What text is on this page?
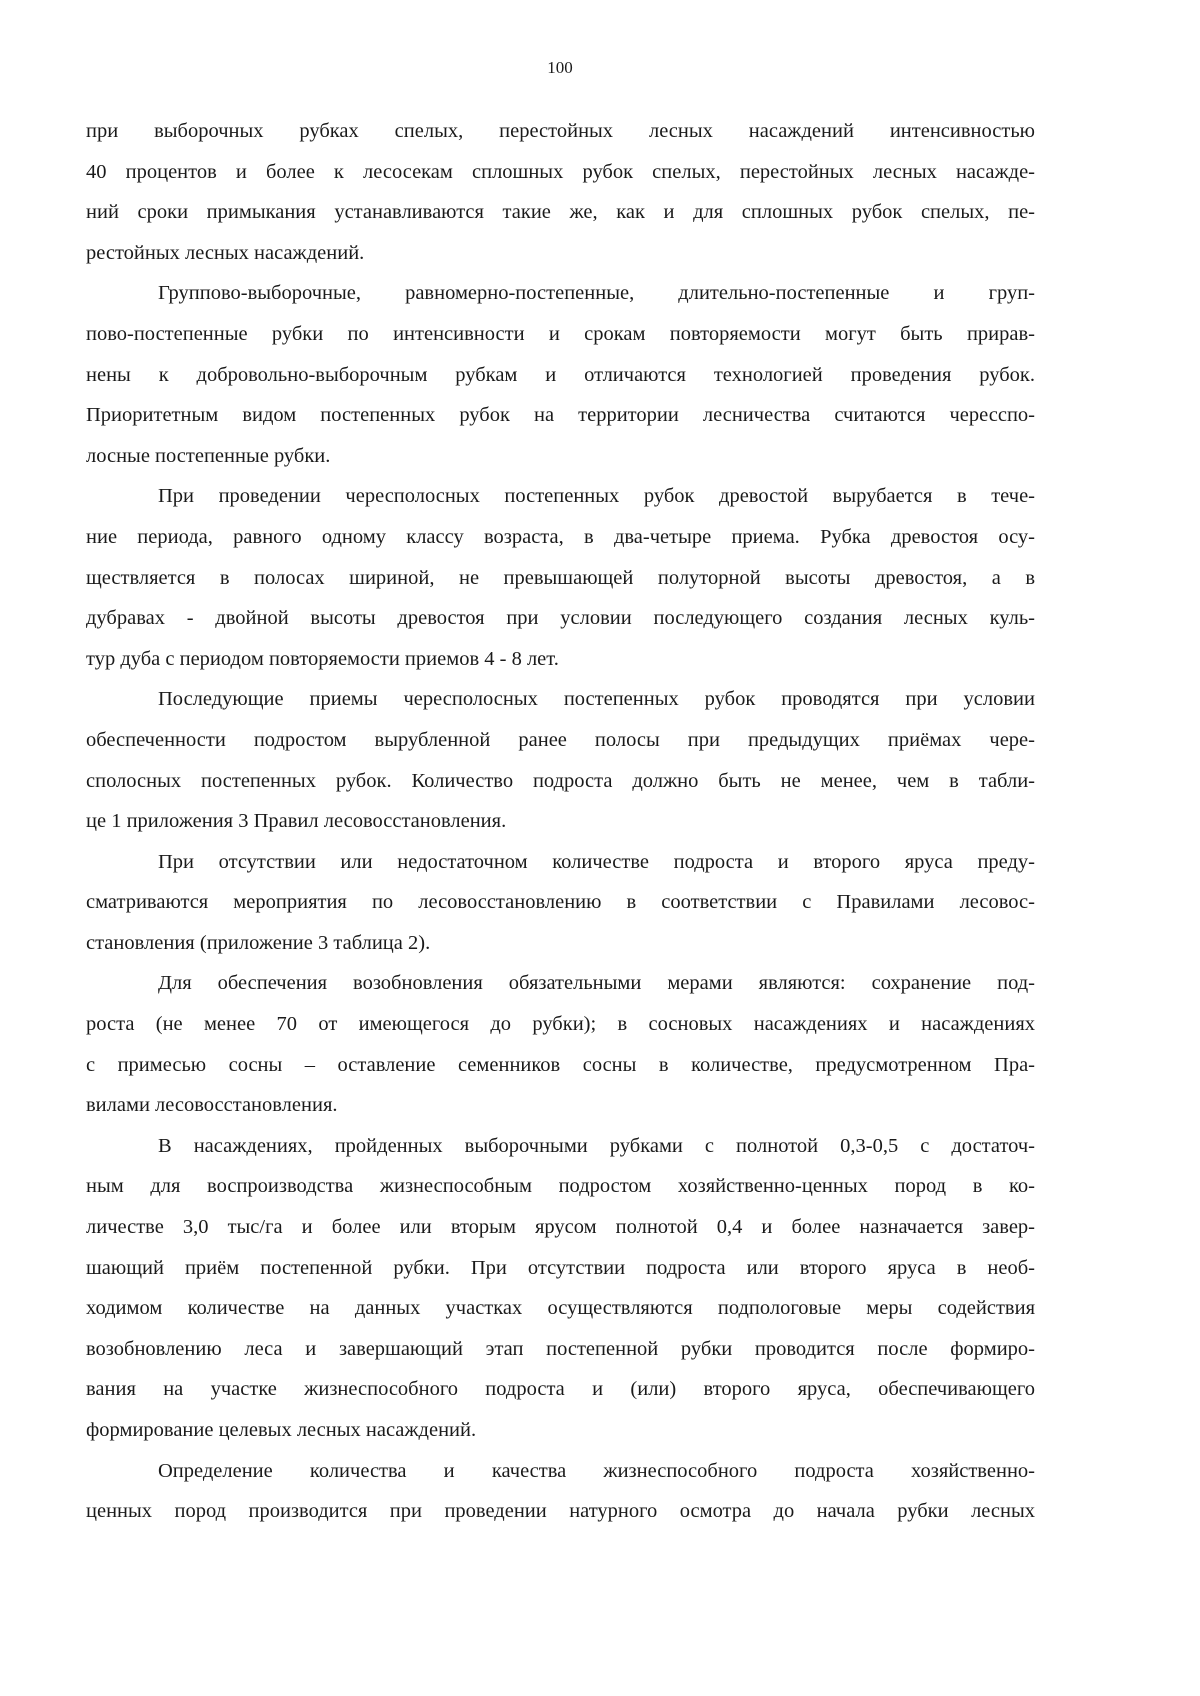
100

при выборочных рубках спелых, перестойных лесных насаждений интенсивностью

40 процентов и более к лесосекам сплошных рубок спелых, перестойных лесных насажде-

ний сроки примыкания устанавливаются такие же, как и для сплошных рубок спелых, пе-

рестойных лесных насаждений.

Группово-выборочные, равномерно-постепенные, длительно-постепенные и груп-

пово-постепенные рубки по интенсивности и срокам повторяемости могут быть прирав-

нены к добровольно-выборочным рубкам и отличаются технологией проведения рубок.

Приоритетным видом постепенных рубок на территории лесничества считаются чересспо-

лосные постепенные рубки.

При проведении чересполосных постепенных рубок древостой вырубается в тече-

ние периода, равного одному классу возраста, в два-четыре приема. Рубка древостоя осу-

ществляется в полосах шириной, не превышающей полуторной высоты древостоя, а в

дубравах - двойной высоты древостоя при условии последующего создания лесных куль-

тур дуба с периодом повторяемости приемов 4 - 8 лет.

Последующие приемы чересполосных постепенных рубок проводятся при условии

обеспеченности подростом вырубленной ранее полосы при предыдущих приёмах чере-

сполосных постепенных рубок. Количество подроста должно быть не менее, чем в табли-

це 1 приложения 3 Правил лесовосстановления.

При отсутствии или недостаточном количестве подроста и второго яруса преду-

сматриваются мероприятия по лесовосстановлению в соответствии с Правилами лесовос-

становления (приложение 3 таблица 2).

Для обеспечения возобновления обязательными мерами являются: сохранение под-

роста (не менее 70 от имеющегося до рубки); в сосновых насаждениях и насаждениях

с примесью сосны – оставление семенников сосны в количестве, предусмотренном Пра-

вилами лесовосстановления.

В насаждениях, пройденных выборочными рубками с полнотой 0,3-0,5 с достаточ-

ным для воспроизводства жизнеспособным подростом хозяйственно-ценных пород в ко-

личестве 3,0 тыс/га и более или вторым ярусом полнотой 0,4 и более назначается завер-

шающий приём постепенной рубки. При отсутствии подроста или второго яруса в необ-

ходимом количестве на данных участках осуществляются подпологовые меры содействия

возобновлению леса и завершающий этап постепенной рубки проводится после формиро-

вания на участке жизнеспособного подроста и (или) второго яруса, обеспечивающего

формирование целевых лесных насаждений.

Определение количества и качества жизнеспособного подроста хозяйственно-

ценных пород производится при проведении натурного осмотра до начала рубки лесных
